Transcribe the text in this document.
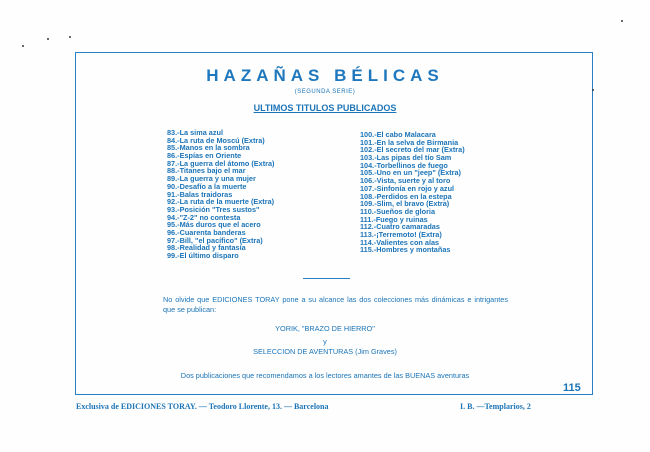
HAZAÑAS BÉLICAS
(SEGUNDA SERIE)
ULTIMOS TITULOS PUBLICADOS
83.-La sima azul
84.-La ruta de Moscú (Extra)
85.-Manos en la sombra
86.-Espías en Oriente
87.-La guerra del átomo (Extra)
88.-Titanes bajo el mar
89.-La guerra y una mujer
90.-Desafío a la muerte
91.-Balas traidoras
92.-La ruta de la muerte (Extra)
93.-Posición "Tres sustos"
94.-"Z-2" no contesta
95.-Más duros que el acero
96.-Cuarenta banderas
97.-Bill, "el pacífico" (Extra)
98.-Realidad y fantasía
99.-El último disparo
100.-El cabo Malacara
101.-En la selva de Birmania
102.-El secreto del mar (Extra)
103.-Las pipas del tío Sam
104.-Torbellinos de fuego
105.-Uno en un "jeep" (Extra)
106.-Vista, suerte y al toro
107.-Sinfonía en rojo y azul
108.-Perdidos en la estepa
109.-Slim, el bravo (Extra)
110.-Sueños de gloria
111.-Fuego y ruinas
112.-Cuatro camaradas
113.-¡Terremoto! (Extra)
114.-Valientes con alas
115.-Hombres y montañas
No olvide que EDICIONES TORAY pone a su alcance las dos colecciones más dinámicas e intrigantes que se publican:
YORIK, "BRAZO DE HIERRO"
y
SELECCION DE AVENTURAS (Jim Graves)
Dos publicaciones que recomendamos a los lectores amantes de las BUENAS aventuras
115
Exclusiva de EDICIONES TORAY. — Teodoro Llorente, 13. — Barcelona	I. B. —Templarios, 2
